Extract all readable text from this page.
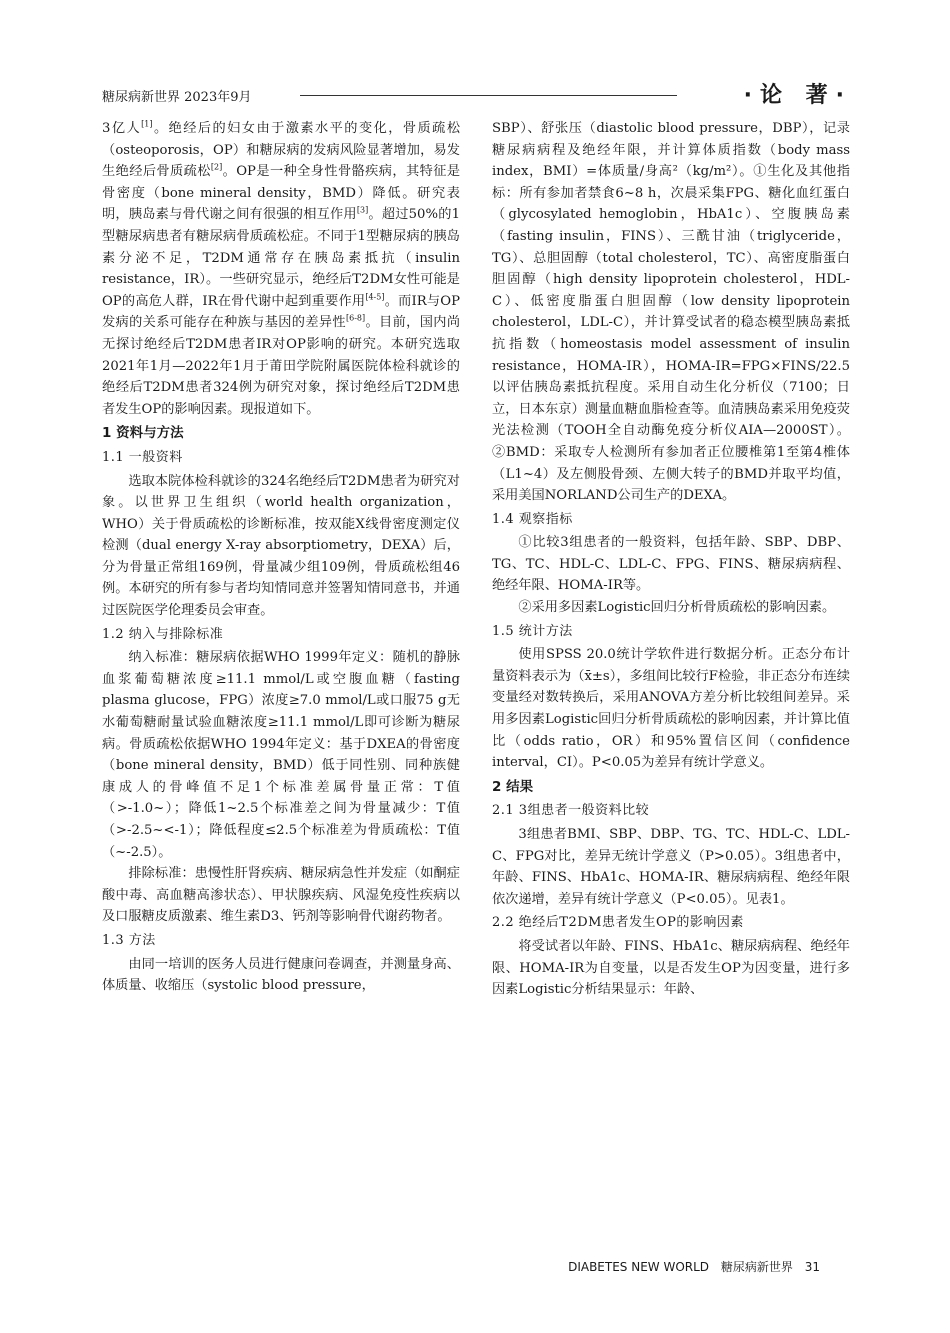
糖尿病新世界 2023年9月	·论 著·

3亿人[1]。绝经后的妇女由于激素水平的变化，骨质疏松（osteoporosis，OP）和糖尿病的发病风险显著增加，易发生绝经后骨质疏松[2]。OP是一种全身性骨骼疾病，其特征是骨密度（bone mineral density，BMD）降低。研究表明，胰岛素与骨代谢之间有很强的相互作用[3]。超过50%的1型糖尿病患者有糖尿病骨质疏松症。不同于1型糖尿病的胰岛素分泌不足，T2DM通常存在胰岛素抵抗（insulin resistance，IR）。一些研究显示，绝经后T2DM女性可能是OP的高危人群，IR在骨代谢中起到重要作用[4-5]。而IR与OP发病的关系可能存在种族与基因的差异性[6-8]。目前，国内尚无探讨绝经后T2DM患者IR对OP影响的研究。本研究选取2021年1月—2022年1月于莆田学院附属医院体检科就诊的绝经后T2DM患者324例为研究对象，探讨绝经后T2DM患者发生OP的影响因素。现报道如下。

1 资料与方法
1.1 一般资料

选取本院体检科就诊的324名绝经后T2DM患者为研究对象。以世界卫生组织（world health organization，WHO）关于骨质疏松的诊断标准，按双能X线骨密度测定仪检测（dual energy X-ray absorptiometry，DEXA）后，分为骨量正常组169例，骨量减少组109例，骨质疏松组46例。本研究的所有参与者均知情同意并签署知情同意书，并通过医院医学伦理委员会审查。

1.2 纳入与排除标准

纳入标准：糖尿病依据WHO 1999年定义：随机的静脉血浆葡萄糖浓度≥11.1 mmol/L或空腹血糖（fasting plasma glucose，FPG）浓度≥7.0 mmol/L或口服75 g无水葡萄糖耐量试验血糖浓度≥11.1 mmol/L即可诊断为糖尿病。骨质疏松依据WHO 1994年定义：基于DXEA的骨密度（bone mineral density，BMD）低于同性别、同种族健康成人的骨峰值不足1个标准差属骨量正常：T值（>-1.0~）；降低1~2.5个标准差之间为骨量减少：T值（>-2.5~<-1）；降低程度≤2.5个标准差为骨质疏松：T值（~-2.5）。

排除标准：患慢性肝肾疾病、糖尿病急性并发症（如酮症酸中毒、高血糖高渗状态）、甲状腺疾病、风湿免疫性疾病以及口服糖皮质激素、维生素D3、钙剂等影响骨代谢药物者。

1.3 方法

由同一培训的医务人员进行健康问卷调查，并测量身高、体质量、收缩压（systolic blood pressure，

SBP）、舒张压（diastolic blood pressure，DBP），记录糖尿病病程及绝经年限，并计算体质指数（body mass index，BMI）=体质量/身高²（kg/m²）。①生化及其他指标：所有参加者禁食6~8 h，次晨采集FPG、糖化血红蛋白（glycosylated hemoglobin，HbA1c）、空腹胰岛素（fasting insulin，FINS）、三酰甘油（triglyceride，TG）、总胆固醇（total cholesterol，TC）、高密度脂蛋白胆固醇（high density lipoprotein cholesterol，HDL-C）、低密度脂蛋白胆固醇（low density lipoprotein cholesterol，LDL-C），并计算受试者的稳态模型胰岛素抵抗指数（homeostasis model assessment of insulin resistance，HOMA-IR），HOMA-IR=FPG×FINS/22.5以评估胰岛素抵抗程度。采用自动生化分析仪（7100；日立，日本东京）测量血糖血脂检查等。血清胰岛素采用免疫荧光法检测（TOOH全自动酶免疫分析仪AIA—2000ST）。②BMD：采取专人检测所有参加者正位腰椎第1至第4椎体（L1~4）及左侧股骨颈、左侧大转子的BMD并取平均值，采用美国NORLAND公司生产的DEXA。

1.4 观察指标

①比较3组患者的一般资料，包括年龄、SBP、DBP、TG、TC、HDL-C、LDL-C、FPG、FINS、糖尿病病程、绝经年限、HOMA-IR等。

②采用多因素Logistic回归分析骨质疏松的影响因素。

1.5 统计方法

使用SPSS 20.0统计学软件进行数据分析。正态分布计量资料表示为（x̄±s），多组间比较行F检验，非正态分布连续变量经对数转换后，采用ANOVA方差分析比较组间差异。采用多因素Logistic回归分析骨质疏松的影响因素，并计算比值比（odds ratio，OR）和95%置信区间（confidence interval，CI）。P<0.05为差异有统计学意义。

2 结果
2.1 3组患者一般资料比较

3组患者BMI、SBP、DBP、TG、TC、HDL-C、LDL-C、FPG对比，差异无统计学意义（P>0.05）。3组患者中，年龄、FINS、HbA1c、HOMA-IR、糖尿病病程、绝经年限依次递增，差异有统计学意义（P<0.05）。见表1。

2.2 绝经后T2DM患者发生OP的影响因素

将受试者以年龄、FINS、HbA1c、糖尿病病程、绝经年限、HOMA-IR为自变量，以是否发生OP为因变量，进行多因素Logistic分析结果显示：年龄、

DIABETES NEW WORLD 糖尿病新世界 31
